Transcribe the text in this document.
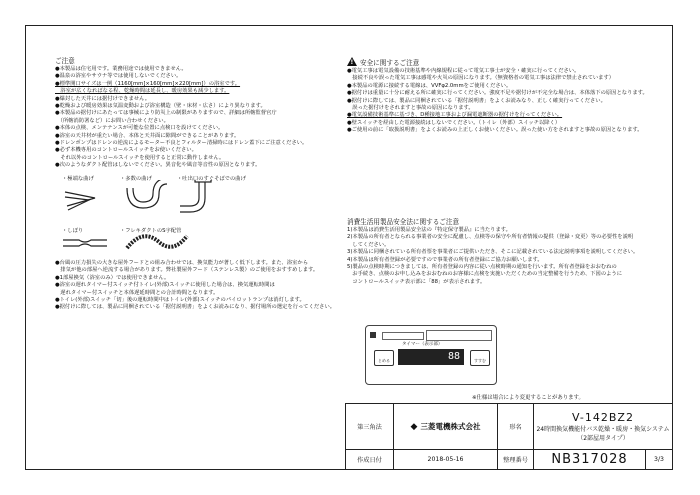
ご注意

●本製品は住宅用です。業務用途では使用できません。

●温泉の浴室やサウナ等では使用しないでください。

●標準開口サイズは一例（1160[mm]×160[mm]×220[mm]）の浴室です。

　浴室が広くなればなる程、乾燥時間は延長し、暖房効果も減少します。

●爆封した天井には据付けできません。

●乾燥および暖房効果は気温変動および浴室構造（壁・床材・広さ）により異なります。

●本製品の据付けにあたっては事械により防災上の制限がありますので、詳細は所轄監督官庁

　（所轄消防署など）にお問い合わせください。

●本体の点検、メンテナンスが可能な位置に点検口を設けてください。

●浴室の天井材が重たい場合、本体と天井面に隙間ができることがあります。

●ドレンポンプはドレンの逆流によるモーター不良とフィルター清掃時にはドレン蓋下にご注意ください。

●必ず本機専用のコントロールスイッチをお使いください。

　それ以外のコントロールスイッチを使用すると正常に動作しません。

●次のようなダクト配管はしないでください。異音化や風音等音性の原因となります。

・極端な曲げ	・多数の曲げ	・吐出口のすぐそばでの曲げ
・しぼり	・フレキダクトのS字配管

●台風の圧力損失の大きな屋外フードとの組み合わせでは、換気能力が著しく低下します。また、浴室から

　排気が他の部屋へ逆流する場合があります。弊社製屋外フード（ステンレス製）のご使用をおすすめします。

●1部屋換気（浴室のみ）では使用できません。

●浴室の遅れタイマー付スイッチ付トイレ(外部)スイッチに使用した場合は、換気運転時間は

　遅れタイマー付スイッチと本体遅延時間との合計時間となります。

●トイレ(外部)スイッチ「切」後の運転時間中はトイレ(外部)スイッチのパイロットランプは消灯します。

●据付けに際しては、製品に同梱されている「据付説明書」をよくお読みになり、据付場所の選定を行ってください。

!安全に関するご注意

●電気工事は電気設備の技術基準や内線規程に従って電気工事士が安全・確実に行ってください。

　接続不良や誤った電気工事は感電や火災の原因になります。（無資格者の電気工事は法律で禁止されています）

●本製品の電源に接続する電線は、VVFφ2.0mmをご使用ください。

●据付けは重量に十分に耐える所に確実に行ってください。強度不足や据付けが不完全な場合は、本体落下の原因となります。

●据付けに際しては、製品に同梱されている「据付説明書」をよくお読みなり、正しく確実行ってください。

　誤った据付けをされますと事故の原因になります。

●電気設備技術基準に基づき、D種接地工事および漏電遮断器の据付けを行ってください。

●壁スイッチを経由した電源接続はしないでください。（トイレ（外部）スイッチ以降く）

●ご使用の前に「取扱説明書」をよくお読みの上正しくお使いください。誤った使い方をされますと事故の原因となります。

消費生活用製品安全法に関するご注意

1)本製品は消費生活用製品安全法の『特定保守製品』に当たります。

2)本製品の所有者となられる事業者の安全に配慮し、点検等の保守や所有者情報の提供（登録・変更）等の必要性を説明

　してください。

3)本製品に同梱されている所有者票を事業者にご提供いただき、そこに記載されている法定説明事項を説明してください。

4)本製品は所有者登録が必要ですので事業者の所有者登録にご協力お願いします。

5)製品の点検時期につきましては、所有者登録の内容に従い点検時期の通知を行います。所有者登録をおおむねの

　お手続き、点検のお申し込みをおおむねのお客様に点検を実施いただくための当定整備を行うため、下図のように

　コントロールスイッチ表示部に「88」が表示されます。

タイマー（表示部）
とめる	88	すすむ
※仕様は場合により変更することがあります。
第三角法	◆ 三菱電機株式会社	形名
V-142BZ2
24時間換気機能付バス乾燥・暖房・換気システム
（2部屋用タイプ）
作成日付	2018-05-16	整理番号	NB317028	3/3
